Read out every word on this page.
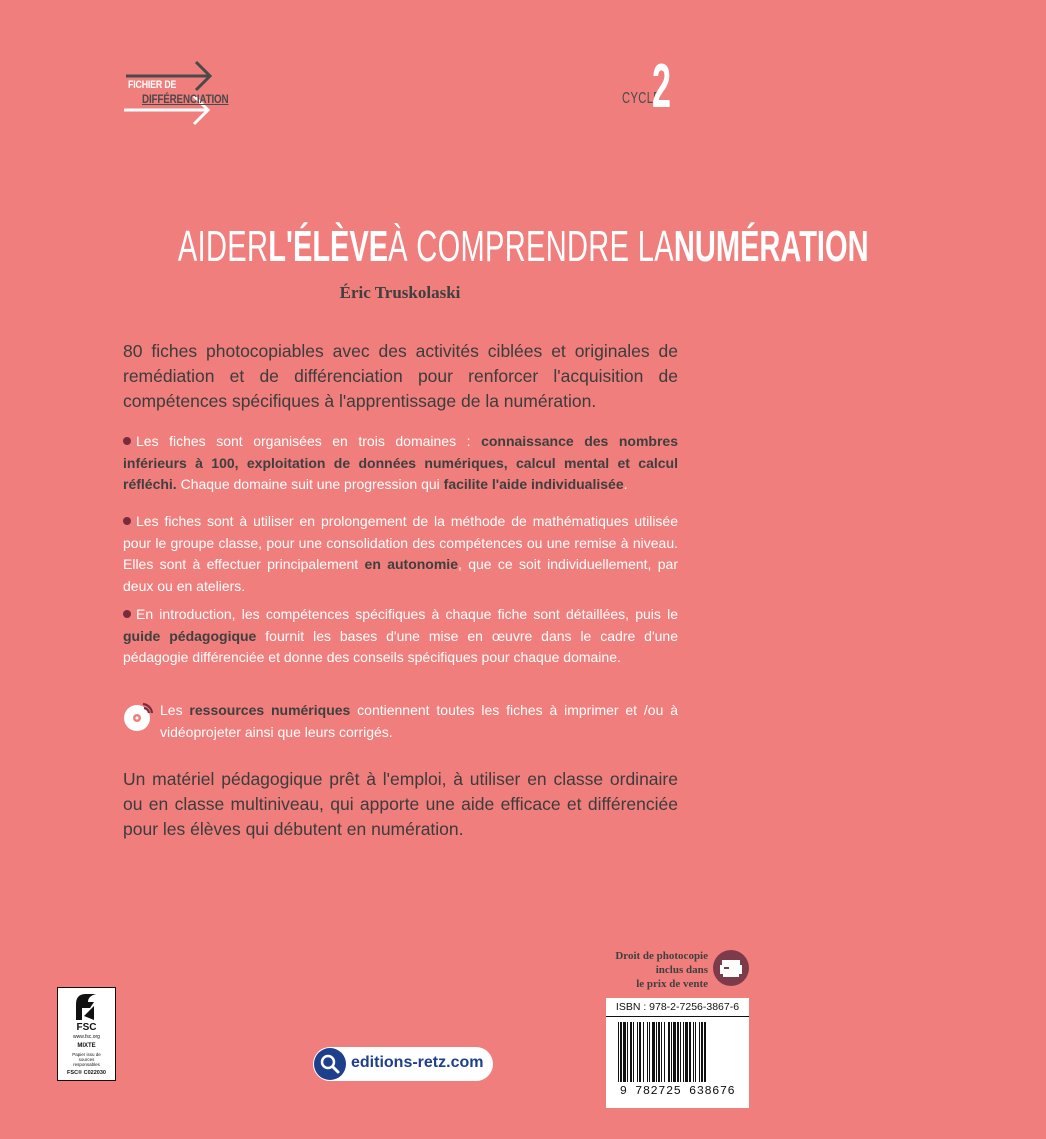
FICHIER DE
DIFFÉRENCIATION	CYCLE
2
AIDERL'ÉLÈVEÀ COMPRENDRE LANUMÉRATION
Éric Truskolaski
80 fiches photocopiables avec des activités ciblées et originales de remédiation et de différenciation pour renforcer l'acquisition de compétences spécifiques à l'apprentissage de la numération.
Les fiches sont organisées en trois domaines : connaissance des nombres inférieurs à 100, exploitation de données numériques, calcul mental et calcul réfléchi. Chaque domaine suit une progression qui facilite l'aide individualisée.
Les fiches sont à utiliser en prolongement de la méthode de mathématiques utilisée pour le groupe classe, pour une consolidation des compétences ou une remise à niveau. Elles sont à effectuer principalement en autonomie, que ce soit individuellement, par deux ou en ateliers.
En introduction, les compétences spécifiques à chaque fiche sont détaillées, puis le guide pédagogique fournit les bases d'une mise en œuvre dans le cadre d'une pédagogie différenciée et donne des conseils spécifiques pour chaque domaine.
Les ressources numériques contiennent toutes les fiches à imprimer et /ou à vidéoprojeter ainsi que leurs corrigés.
Un matériel pédagogique prêt à l'emploi, à utiliser en classe ordinaire ou en classe multiniveau, qui apporte une aide efficace et différenciée pour les élèves qui débutent en numération.
Droit de photocopie
inclus dans
le prix de vente
ISBN : 978-2-7256-3867-6
9 782725 638676
FSC
www.fsc.org
MIXTE
Papier issu de sources responsables
FSC® C022030
editions-retz.com
